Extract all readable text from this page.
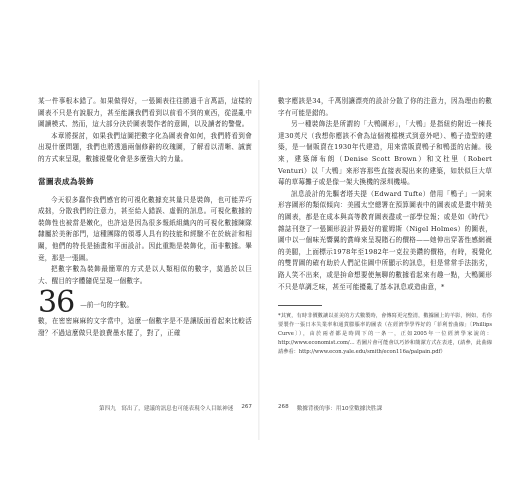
某一件事根本錯了。如果做得好，一張圖表往往勝過千言萬語，這樣的圖表不只是有說服力，甚至能讓我們看到以前看不到的東西，從混亂中圖讀模式、然而，這大部分決於圖表製作者的意圖，以及讀者的警覺。

本章將探討，如果我們這圖把數字化為圖表會如何，我們將看到會出現什麼問題，我們也將透過兩個修辭的玫瑰圖，了解看以清晰、誠實的方式來呈現，數據視覺化會是多麼強大的力量。

當圖表成為裝飾

今天很多蠢作我們感官的可視化數據充其量只是裝飾，也可能弄巧成拙，分散我們的注意力，甚至給人錯誤、虛假的訊息。可視化數據的裝飾性也被當是嫩化，也許這是因為很多報紙組織內的可視化數據陳隊隸屬於美術部門，這種團隊的領導人具有的技能和經驗不在於統計和相關，他們的特長是插畫和平面設計。因此重點是裝飾化，而非數據。畢竟，那是一張圖。

把數字數為裝飾最簡單的方式是以人類相似的數字，莫過於以巨大、醒目的字體隨促呈現一個數字。

36 —前一句的字數。

數，在密密麻麻的文字當中，這麼一個數字是不是讓版面看起來比較活潑？不過這麼做只是浪費墨水罷了，對了，正確

數字應該是34，千萬別讓漂亮的設計分散了你的注意力，因為理由的數字有可能是錯的。

另一種裝飾法是所謂的「大鴨圖形」，「大鴨」是指紐約附近一棟長達30英尺（我想你應該不會為這個複檔模式到意外吧）、鴨子造型的建築，是一個販賣在1930年代建造，用來當販賣鴨子和鴨蛋的店鋪。後來，建築師布朗（Denise Scott Brown）和文杜里（Robert Venturi）以「大鴨」來形容那些直接表現出來的建築，如狀似巨大草莓的草莓攤子或是像一架大換機的深圳機場。

訊息設計的先驅者塔夫提（Edward Tufte）借用「鴨子」一詞來形容圖形的類似傾向：美國太空總署在預算圖表中的圖表或是畫中精美的圖表，都是在成本與高等教育圖表盡或一部學位報；或是如《時代》雜誌刊登了一張圖形設計界最好的霍姆斯（Nigel Holmes）的圖表，圖中以一個味光響翼的賞峰來呈現賭石的價格——她伸出穿著性感網襪的美腿，上面標示1978年至1982年一克拉美鑽的價格，有時，視覺化的雙胃圖的確有助於人們記住圖中所顯示的訊息，但是常常手法拙劣，路人笑不出來，或是拚命想要使無聊的數據看起來有趣一點，大鴨圖形不只是草調乏味，甚至可能擾亂了基本訊息或造曲意，*

*其實，有時非價數讓以並美的方式數製時，會傳寫更完整清，數據圖上的羊影，例如，若你要製作一張日本失業率和通貨膨脹率的圖表（在經濟學學界好的「菲利普曲線」〔Phillips Curve〕），由於兩者都是時間下的一条一，正如2005年一位經濟學家說的：http://www.economist.com/... 若圖片會可能會以巧妙和簡潔方式在表達，(請參，此曲線請參看：http://www.econ.yale.edu/smith/econ116a/palpain.pdf）

第四九　寫出了，建議的訊息也可能表現令人目眩神迷 267	268 數據背後的事：用10堂數據決胜課
